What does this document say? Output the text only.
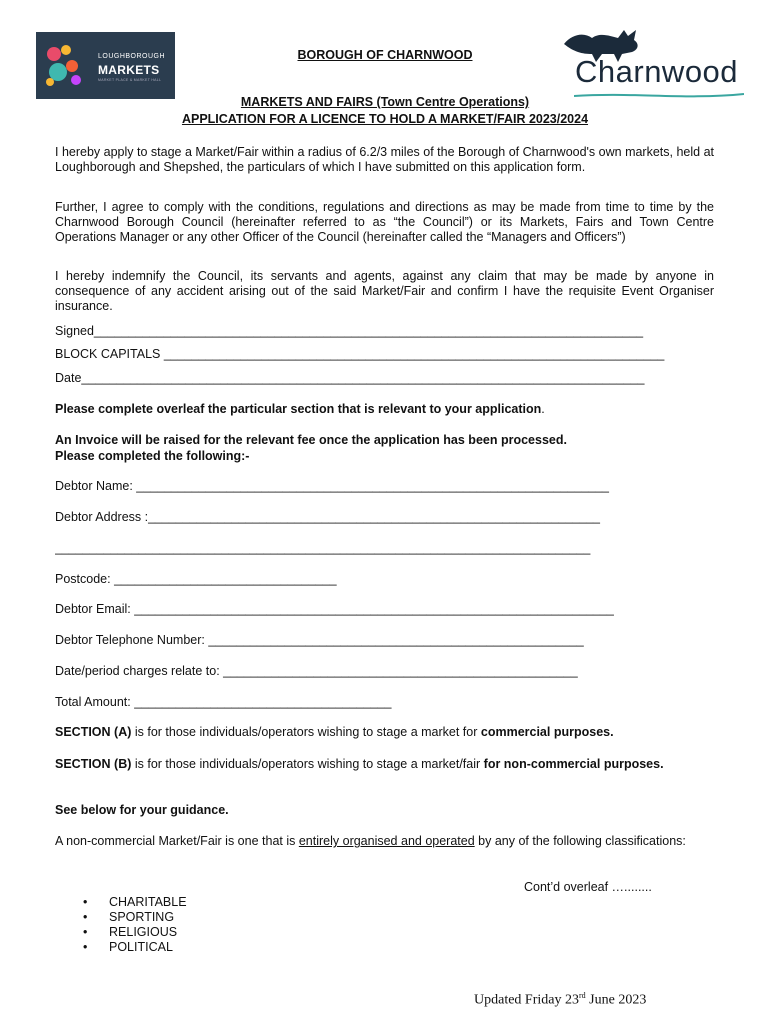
LOUGHBOROUGH
MARKETS
MARKET PLACE & MARKET HALL	Charnwood
BOROUGH OF CHARNWOOD
MARKETS AND FAIRS (Town Centre Operations)
APPLICATION FOR A LICENCE TO HOLD A MARKET/FAIR 2023/2024
I hereby apply to stage a Market/Fair within a radius of 6.2/3 miles of the Borough of Charnwood's own markets, held at Loughborough and Shepshed, the particulars of which I have submitted on this application form.
Further, I agree to comply with the conditions, regulations and directions as may be made from time to time by the Charnwood Borough Council (hereinafter referred to as “the Council”) or its Markets, Fairs and Town Centre Operations Manager or any other Officer of the Council (hereinafter called the “Managers and Officers”)
I hereby indemnify the Council, its servants and agents, against any claim that may be made by anyone in consequence of any accident arising out of the said Market/Fair and confirm I have the requisite Event Organiser insurance.
Signed_______________________________________________________________________________
BLOCK CAPITALS ________________________________________________________________________
Date_________________________________________________________________________________
Please complete overleaf the particular section that is relevant to your application.
An Invoice will be raised for the relevant fee once the application has been processed.
Please completed the following:-
Debtor Name: ____________________________________________________________________
Debtor Address :_________________________________________________________________
_____________________________________________________________________________
Postcode: ________________________________
Debtor Email: _____________________________________________________________________
Debtor Telephone Number: ______________________________________________________
Date/period charges relate to: ___________________________________________________
Total Amount: _____________________________________
SECTION (A) is for those individuals/operators wishing to stage a market for commercial purposes.
SECTION (B) is for those individuals/operators wishing to stage a market/fair for non-commercial purposes.
See below for your guidance.
A non-commercial Market/Fair is one that is entirely organised and operated by any of the following classifications:
Cont’d overleaf …........
• CHARITABLE
• SPORTING
• RELIGIOUS
• POLITICAL
Updated Friday 23rd June 2023
